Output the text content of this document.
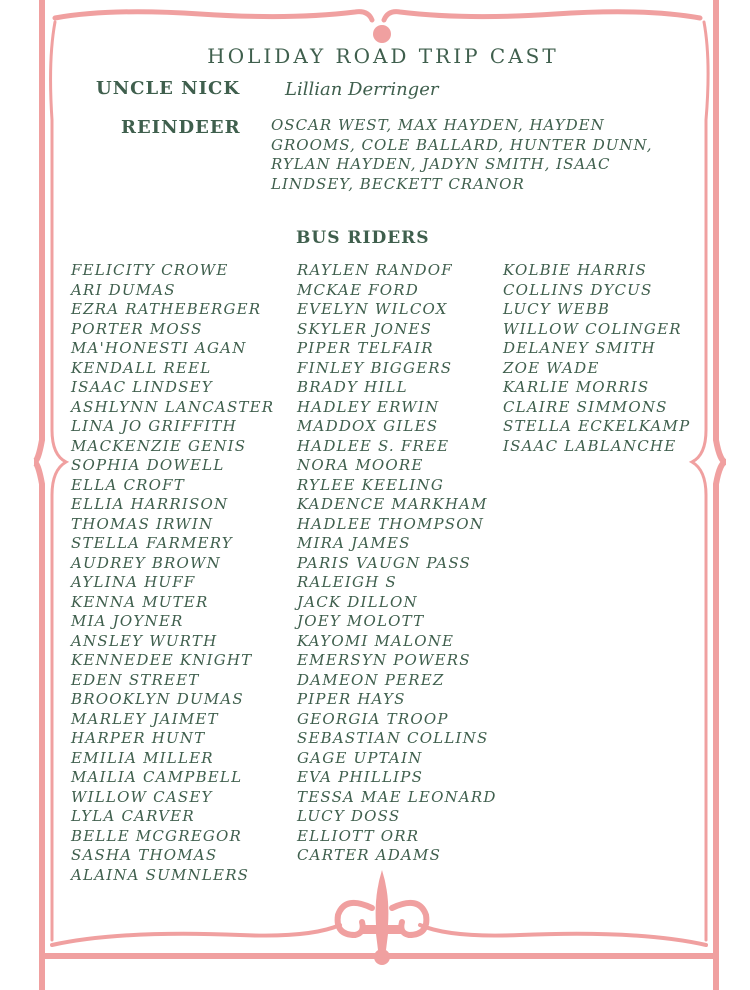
HOLIDAY ROAD TRIP CAST
UNCLE NICK	Lillian Derringer
REINDEER OSCAR WEST, MAX HAYDEN, HAYDEN GROOMS, COLE BALLARD, HUNTER DUNN, RYLAN HAYDEN, JADYN SMITH, ISAAC LINDSEY, BECKETT CRANOR
BUS RIDERS
FELICITY CROWE
ARI DUMAS
EZRA RATHEBERGER
PORTER MOSS
MA'HONESTI AGAN
KENDALL REEL
ISAAC LINDSEY
ASHLYNN LANCASTER
LINA JO GRIFFITH
MACKENZIE GENIS
SOPHIA DOWELL
ELLA CROFT
ELLIA HARRISON
THOMAS IRWIN
STELLA FARMERY
AUDREY BROWN
AYLINA HUFF
KENNA MUTER
MIA JOYNER
ANSLEY WURTH
KENNEDEE KNIGHT
EDEN STREET
BROOKLYN DUMAS
MARLEY JAIMET
HARPER HUNT
EMILIA MILLER
MAILIA CAMPBELL
WILLOW CASEY
LYLA CARVER
BELLE MCGREGOR
SASHA THOMAS
ALAINA SUMNLERS
RAYLEN RANDOF
MCKAE FORD
EVELYN WILCOX
SKYLER JONES
PIPER TELFAIR
FINLEY BIGGERS
BRADY HILL
HADLEY ERWIN
MADDOX GILES
HADLEE S. FREE
NORA MOORE
RYLEE KEELING
KADENCE MARKHAM
HADLEE THOMPSON
MIRA JAMES
PARIS VAUGN PASS
RALEIGH S
JACK DILLON
JOEY MOLOTT
KAYOMI MALONE
EMERSYN POWERS
DAMEON PEREZ
PIPER HAYS
GEORGIA TROOP
SEBASTIAN COLLINS
GAGE UPTAIN
EVA PHILLIPS
TESSA MAE LEONARD
LUCY DOSS
ELLIOTT ORR
CARTER ADAMS
KOLBIE HARRIS
COLLINS DYCUS
LUCY WEBB
WILLOW COLINGER
DELANEY SMITH
ZOE WADE
KARLIE MORRIS
CLAIRE SIMMONS
STELLA ECKELKAMP
ISAAC LABLANCHE
